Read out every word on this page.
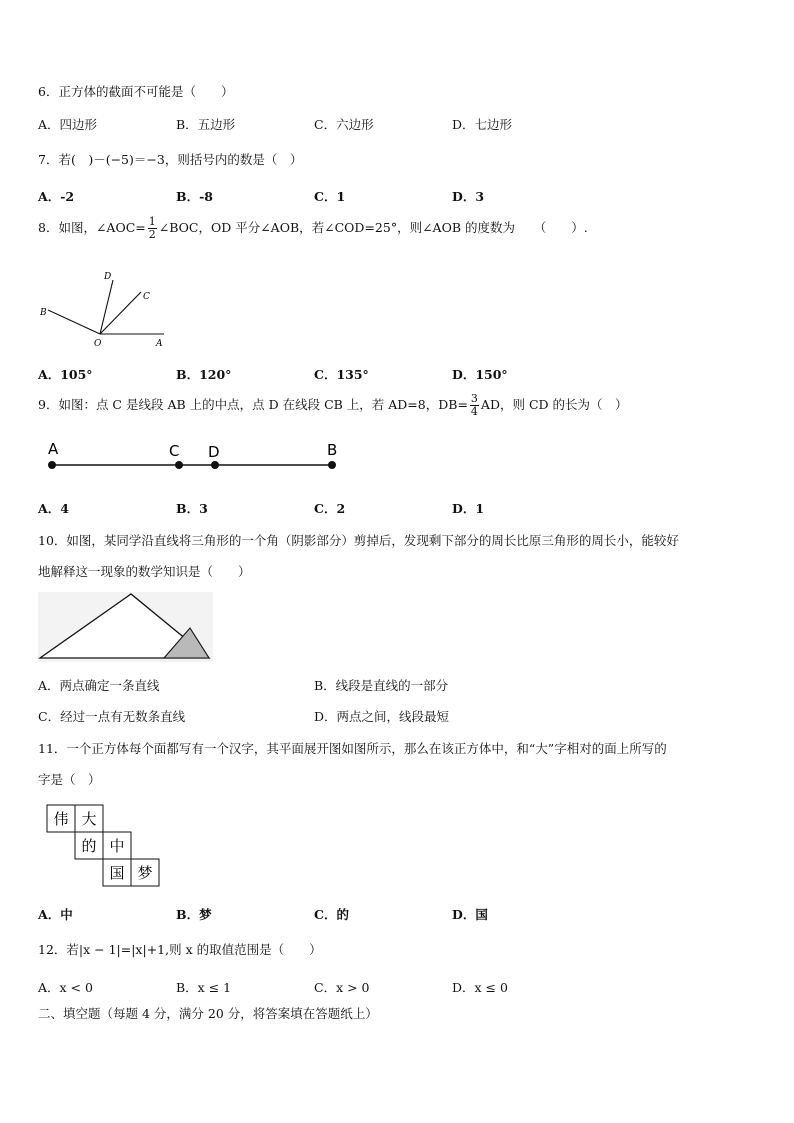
6．正方体的截面不可能是（　　）
A．四边形	B．五边形	C．六边形	D．七边形
7．若(　)－(−5)＝−3，则括号内的数是（　）
A．-2	B．-8	C．1	D．3
8．如图，∠AOC= $\frac{1}{2}$ ∠BOC，OD 平分∠AOB，若∠COD=25°，则∠AOB 的度数为　　（　　）.
D
C
B
O	A
A．105°	B．120°	C．135°	D．150°
9．如图：点 C 是线段 AB 上的中点，点 D 在线段 CB 上，若 AD=8，$DB= \frac{3}{4}$ AD，则 CD 的长为（　）
A	C D	B
A．4	B．3	C．2	D．1
10．如图，某同学沿直线将三角形的一个角（阴影部分）剪掉后，发现剩下部分的周长比原三角形的周长小，能较好
地解释这一现象的数学知识是（　　）
A．两点确定一条直线	B．线段是直线的一部分
C．经过一点有无数条直线	D．两点之间，线段最短
11．一个正方体每个面都写有一个汉字，其平面展开图如图所示，那么在该正方体中，和“大”字相对的面上所写的
字是（　）
伟 大
的 中
国 梦
A．中	B．梦	C．的	D．国
12．若|x − 1|=|x|+1,则 x 的取值范围是（　　）
A．x < 0	B．x ≤ 1	C．x > 0	D．x ≤ 0
二、填空题（每题 4 分，满分 20 分，将答案填在答题纸上）
